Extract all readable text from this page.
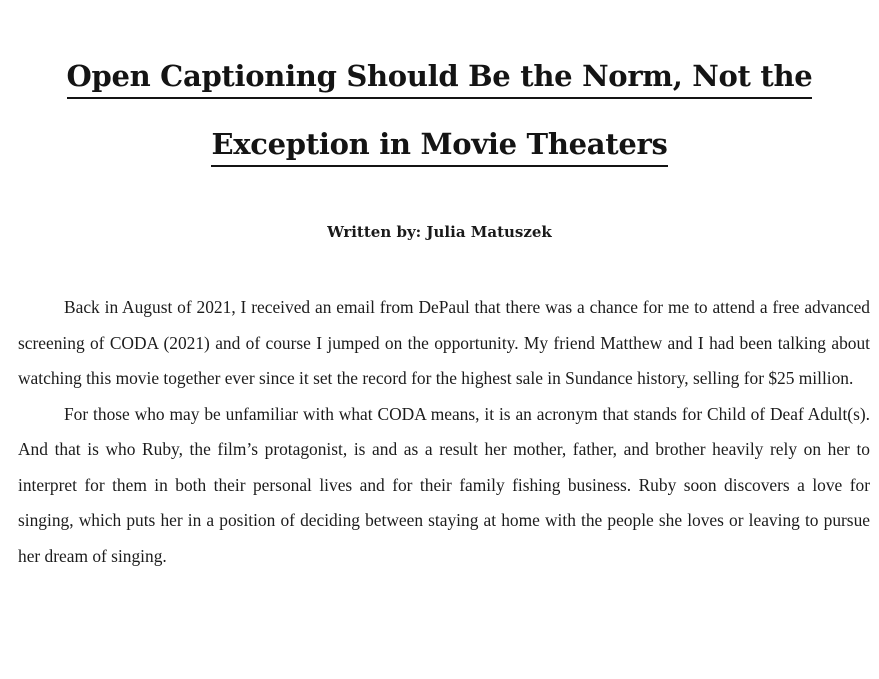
Open Captioning Should Be the Norm, Not the
Exception in Movie Theaters
Written by: Julia Matuszek

Back in August of 2021, I received an email from DePaul that there was a chance for me to attend a free advanced screening of CODA (2021) and of course I jumped on the opportunity. My friend Matthew and I had been talking about watching this movie together ever since it set the record for the highest sale in Sundance history, selling for $25 million.

For those who may be unfamiliar with what CODA means, it is an acronym that stands for Child of Deaf Adult(s). And that is who Ruby, the film’s protagonist, is and as a result her mother, father, and brother heavily rely on her to interpret for them in both their personal lives and for their family fishing business. Ruby soon discovers a love for singing, which puts her in a position of deciding between staying at home with the people she loves or leaving to pursue her dream of singing.
